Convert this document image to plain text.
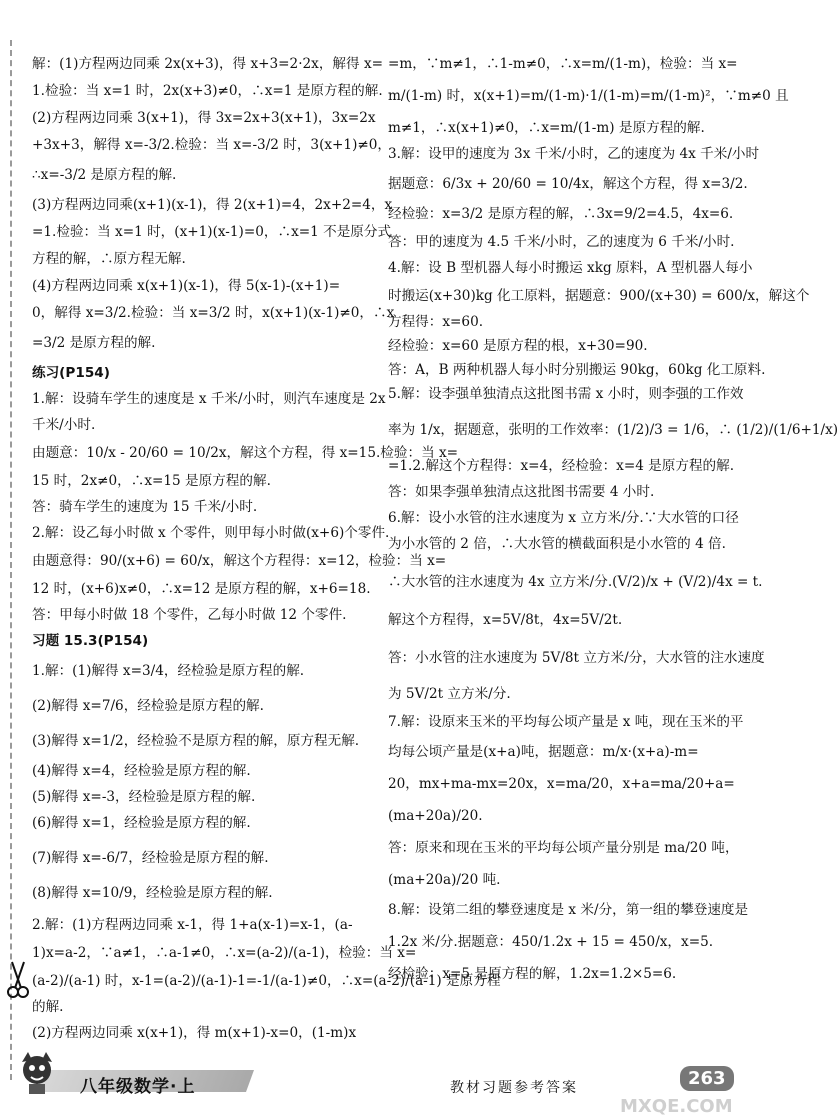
解：(1)方程两边同乘 2x(x+3)，得 x+3=2·2x，解得 x=

1.检验：当 x=1 时，2x(x+3)≠0，∴x=1 是原方程的解.

(2)方程两边同乘 3(x+1)，得 3x=2x+3(x+1)，3x=2x

+3x+3，解得 x=-3/2.检验：当 x=-3/2 时，3(x+1)≠0，

∴x=-3/2 是原方程的解.

(3)方程两边同乘(x+1)(x-1)，得 2(x+1)=4，2x+2=4，x

=1.检验：当 x=1 时，(x+1)(x-1)=0，∴x=1 不是原分式

方程的解，∴原方程无解.

(4)方程两边同乘 x(x+1)(x-1)，得 5(x-1)-(x+1)=

0，解得 x=3/2.检验：当 x=3/2 时，x(x+1)(x-1)≠0，∴x

=3/2 是原方程的解.

练习(P154)

1.解：设骑车学生的速度是 x 千米/小时，则汽车速度是 2x

千米/小时.

由题意：10/x - 20/60 = 10/2x，解这个方程，得 x=15.检验：当 x=

15 时，2x≠0，∴x=15 是原方程的解.

答：骑车学生的速度为 15 千米/小时.

2.解：设乙每小时做 x 个零件，则甲每小时做(x+6)个零件.

由题意得：90/(x+6) = 60/x，解这个方程得：x=12，检验：当 x=

12 时，(x+6)x≠0，∴x=12 是原方程的解，x+6=18.

答：甲每小时做 18 个零件，乙每小时做 12 个零件.

习题 15.3(P154)

1.解：(1)解得 x=3/4，经检验是原方程的解.

(2)解得 x=7/6，经检验是原方程的解.

(3)解得 x=1/2，经检验不是原方程的解，原方程无解.

(4)解得 x=4，经检验是原方程的解.

(5)解得 x=-3，经检验是原方程的解.

(6)解得 x=1，经检验是原方程的解.

(7)解得 x=-6/7，经检验是原方程的解.

(8)解得 x=10/9，经检验是原方程的解.

2.解：(1)方程两边同乘 x-1，得 1+a(x-1)=x-1，(a-

1)x=a-2，∵a≠1，∴a-1≠0，∴x=(a-2)/(a-1)，检验：当 x=

(a-2)/(a-1) 时，x-1=(a-2)/(a-1)-1=-1/(a-1)≠0，∴x=(a-2)/(a-1) 是原方程

的解.

(2)方程两边同乘 x(x+1)，得 m(x+1)-x=0，(1-m)x

=m，∵m≠1，∴1-m≠0，∴x=m/(1-m)，检验：当 x=

m/(1-m) 时，x(x+1)=m/(1-m)·1/(1-m)=m/(1-m)²，∵m≠0 且

m≠1，∴x(x+1)≠0，∴x=m/(1-m) 是原方程的解.

3.解：设甲的速度为 3x 千米/小时，乙的速度为 4x 千米/小时

据题意：6/3x + 20/60 = 10/4x，解这个方程，得 x=3/2.

经检验：x=3/2 是原方程的解，∴3x=9/2=4.5，4x=6.

答：甲的速度为 4.5 千米/小时，乙的速度为 6 千米/小时.

4.解：设 B 型机器人每小时搬运 xkg 原料，A 型机器人每小

时搬运(x+30)kg 化工原料，据题意：900/(x+30) = 600/x，解这个

方程得：x=60.

经检验：x=60 是原方程的根，x+30=90.

答：A，B 两种机器人每小时分别搬运 90kg，60kg 化工原料.

5.解：设李强单独清点这批图书需 x 小时，则李强的工作效

率为 1/x，据题意，张明的工作效率：(1/2)/3 = 1/6，∴ (1/2)/(1/6+1/x)

=1.2.解这个方程得：x=4，经检验：x=4 是原方程的解.

答：如果李强单独清点这批图书需要 4 小时.

6.解：设小水管的注水速度为 x 立方米/分.∵大水管的口径

为小水管的 2 倍，∴大水管的横截面积是小水管的 4 倍.

∴大水管的注水速度为 4x 立方米/分.(V/2)/x + (V/2)/4x = t.

解这个方程得，x=5V/8t，4x=5V/2t.

答：小水管的注水速度为 5V/8t 立方米/分，大水管的注水速度

为 5V/2t 立方米/分.

7.解：设原来玉米的平均每公顷产量是 x 吨，现在玉米的平

均每公顷产量是(x+a)吨，据题意：m/x·(x+a)-m=

20，mx+ma-mx=20x，x=ma/20，x+a=ma/20+a=

(ma+20a)/20.

答：原来和现在玉米的平均每公顷产量分别是 ma/20 吨，

(ma+20a)/20 吨.

8.解：设第二组的攀登速度是 x 米/分，第一组的攀登速度是

1.2x 米/分.据题意：450/1.2x + 15 = 450/x，x=5.

经检验：x=5 是原方程的解，1.2x=1.2×5=6.

八年级数学·上	教材习题参考答案	263
MXQE.COM
